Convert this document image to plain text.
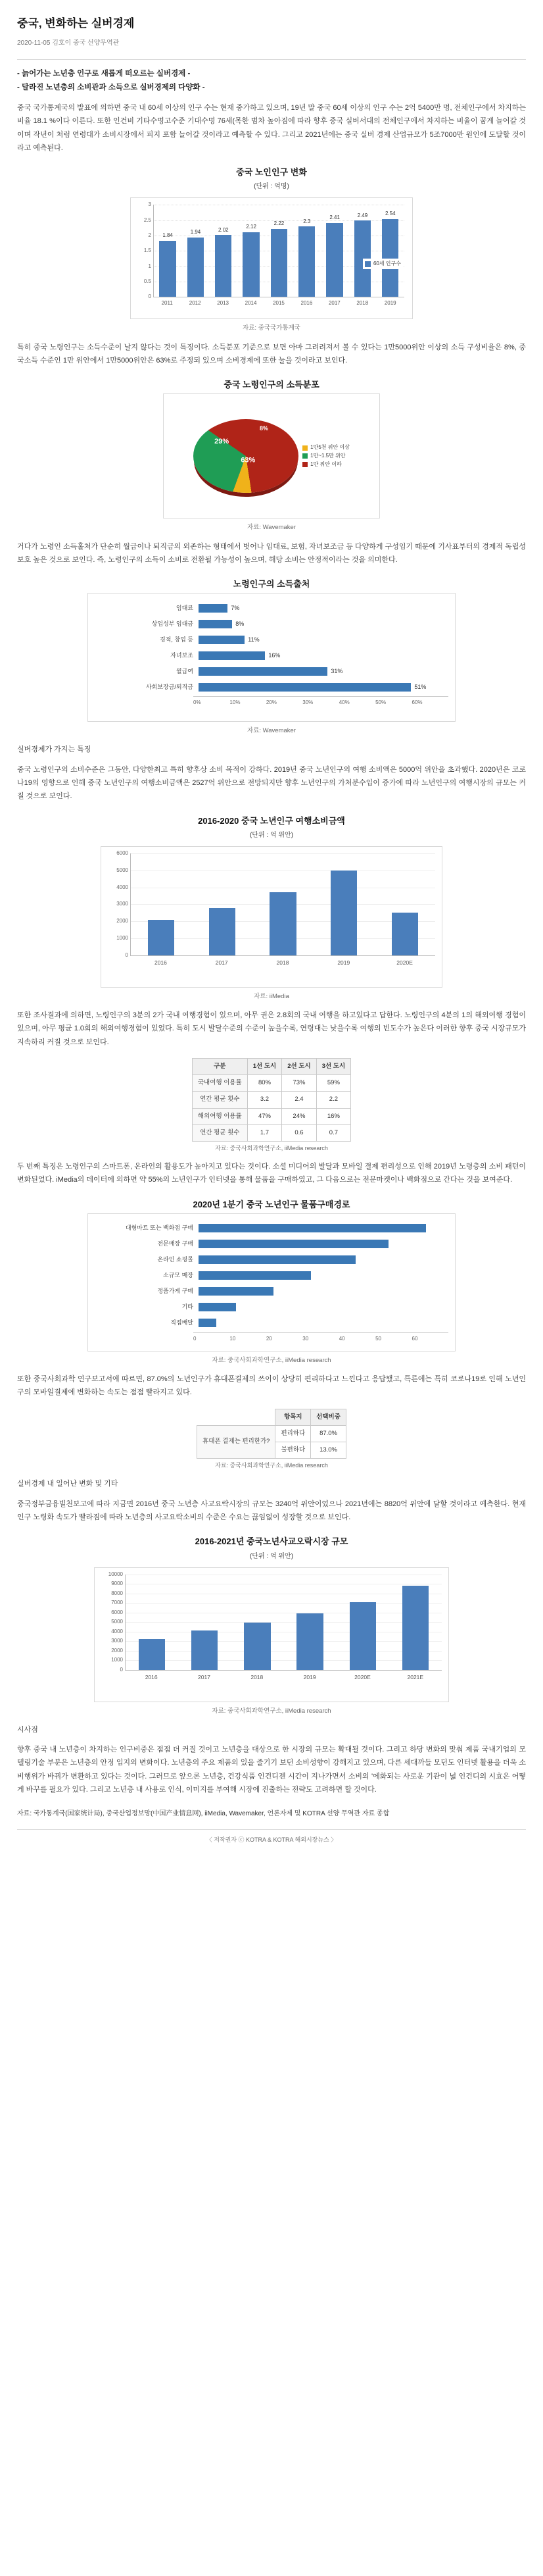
중국, 변화하는 실버경제
2020-11-05 김호이 중국 선양무역관
- 늙어가는 노년층 인구로 새롭게 떠오르는 실버경제 -
- 달라진 노년층의 소비관과 소득으로 실버경제의 다양화 -

중국 국가통계국의 발표에 의하면 중국 내 60세 이상의 인구 수는 현재 중가하고 있으며, 19년 말 중국 60세 이상의 인구 수는 2억 5400만 명, 전체인구에서 차지하는 비율 18.1 %이다 이른다. 또한 인건비 기타수명고수준 기대수명 76세(목한 범차 높아짐에 따라 향후 중국 실버서대의 전체인구에서 차지하는 비율이 꿈게 늘어갈 것이며 작년이 처럼 연령대가 소비시장에서 피지 포함 늘어갈 것이라고 예측할 수 있다. 그리고 2021년에는 중국 실버 경제 산업규모가 5조7000만 원인에 도달할 것이라고 예측된다.

중국 노인인구 변화
(단위 : 억명)
3
2.5
2
1.5
1
0.5
0
1.84
1.94	2.02
2.12
2.22	2.3
2.41	2.49	2.54
2011	2012	2013	2014	2015	2016	2017	2018	2019
60세 인구수
자료: 중국국가통계국

특히 중국 노령인구는 소득수준이 날지 않다는 것이 특징이다. 소득분포 기준으로 보면 아마 그려려져서 볼 수 있다는 1만5000위안 이상의 소득 구성비율은 8%, 중국소득 수준인 1만 위안에서 1만5000위안은 63%로 주정되 있으며 소비경제에 또한 눌을 것이라고 보인다.

중국 노령인구의 소득분포
63%
29%
8%
1만5천 위안 이상
1만~1.5만 위안
1만 위안 이하
자료: Wavemaker

거다가 노령인 소득홀처가 단순히 월급이나 퇴직금의 외존하는 형태에서 벗어나 임대료, 보험, 자녀보조금 등 다양하게 구성임기 때문에 기사표부터의 경제적 독립성 보호 높은 것으로 보인다. 즉, 노령인구의 소득이 소비로 전환될 가능성이 높으며, 해당 소비는 안정적이라는 것을 의미한다.

노령인구의 소득출처
임대료	7%
상업성부 임대금	8%
경적, 창업 등	11%
자녀보조	16%
월급여	31%
사회보장금/퇴직금	51%
0%	10%	20%	30%	40%	50%	60%
자료: Wavemaker

실버경제가 가지는 특징

중국 노령인구의 소비수준은 그동안, 다양한최고 특히 향후상 소비 목적이 강하다. 2019년 중국 노년인구의 여행 소비액은 5000억 위안을 초과했다. 2020년은 코로나19의 영향으로 인해 중국 노년인구의 여행소비금액은 2527억 위안으로 전망되지만 향후 노년인구의 가처분수입이 증가에 따라 노년인구의 여행시장의 규모는 커질 것으로 보인다.

2016-2020 중국 노년인구 여행소비금액
(단위 : 억 위안)
6000
5000
4000
3000
2000
1000
0
2016	2017	2018	2019	2020E
자료: iiMedia

또한 조사결과에 의하면, 노령인구의 3분의 2가 국내 여행경험이 있으며, 아무 권은 2.8회의 국내 여행을 하고있다고 답한다. 노령인구의 4분의 1의 해외여행 경험이 있으며, 아무 평균 1.0회의 해외여행경험이 있었다. 특히 도시 발달수준의 수준이 높을수록, 연령대는 낮을수록 여행의 빈도수가 높은다 이러한 향후 중국 시장규모가 지속하리 커질 것으로 보인다.

구분	1선 도시	2선 도시	3선 도시
국내여행 이용률	80%	73%	59%
연간 평균 횟수	3.2	2.4	2.2
해외여행 이용률	47%	24%	16%
연간 평균 횟수	1.7	0.6	0.7
자료: 중국사회과학연구소, iiMedia research

두 번째 특징은 노령인구의 스마트폰, 온라인의 활용도가 높아지고 있다는 것이다. 소셜 미디어의 발달과 모바일 결제 편리성으로 인해 2019년 노령층의 소비 패턴이 변화된었다. iMedia의 데이터에 의하면 약 55%의 노년인구가 인터넷을 통해 물품을 구매하였고, 그 다음으로는 전문마켓이나 백화점으로 간다는 것을 보여준다.

2020년 1분기 중국 노년인구 물품구매경로
대형마트 또는 백화점 구매
전문매장 구매
온라인 쇼핑몰
소규모 매장
정품가게 구매
기타
직접배달
0	10	20	30	40	50	60
자료: 중국사회과학연구소, iiMedia research

또한 중국사회과학 연구보고서에 따르면, 87.0%의 노년인구가 휴대폰결제의 쓰이이 상당히 편리하다고 느낀다고 응답했고, 특른에는 특히 코로나19로 인해 노년인구의 모바일결제에 변화하는 속도는 점점 빨라지고 있다.

	항목지	선택비중
휴대폰 결제는 편리한가?	편리하다	87.0%
	불편하다	13.0%
자료: 중국사회과학연구소, iiMedia research

실버경제 내 일어난 변화 및 기타

중국정부금융빌천보고에 따라 지금면 2016년 중국 노년층 사고요락시장의 규모는 3240억 위안이었으나 2021년에는 8820억 위안에 달할 것이라고 예측한다. 현재 인구 노령화 속도가 빨라짐에 따라 노년층의 사고요락소비의 수준은 수요는 끊임없이 성장할 것으로 보인다.

2016-2021년 중국노년사교오락시장 규모
(단위 : 억 위안)
10000
9000
8000
7000
6000
5000
4000
3000
2000
1000
0
2016	2017	2018	2019	2020E	2021E
자료: 중국사회과학연구소, iiMedia research

시사점

향후 중국 내 노년층이 차지하는 인구비중은 점점 더 커질 것이고 노년층을 대상으로 한 시장의 규모는 확대될 것이다. 그리고 하당 변화의 맞춰 제품 국내기업의 모텔링기술 부분은 노년층의 안정 입지의 변화이다. 노년층의 주요 제품의 있을 줄기기 보던 소비성향이 강해지고 있으며, 다른 세대까들 모던도 인터넷 활용을 더욱 소비행위가 바꿔가 변환하고 있다는 것이다. 그러므로 앞으론 노년층, 건강식품 인건디젠 시간이 지나가면서 소비의 '에화되는 사로운 기관이 넓 인건디의 시효은 어떻게 바꾸를 필요가 있다. 그리고 노년층 내 사용로 인식, 이미지를 부여해 시장에 진출하는 전략도 고려하면 할 것이다.

자료: 국가통계국(国家统计局), 중국산업정보망(中国产业情息网), iiMedia, Wavemaker, 언론자제 및 KOTRA 선양 무역관 자료 종합
〈 저작권자 ⓒ KOTRA & KOTRA 해외시장뉴스 〉
